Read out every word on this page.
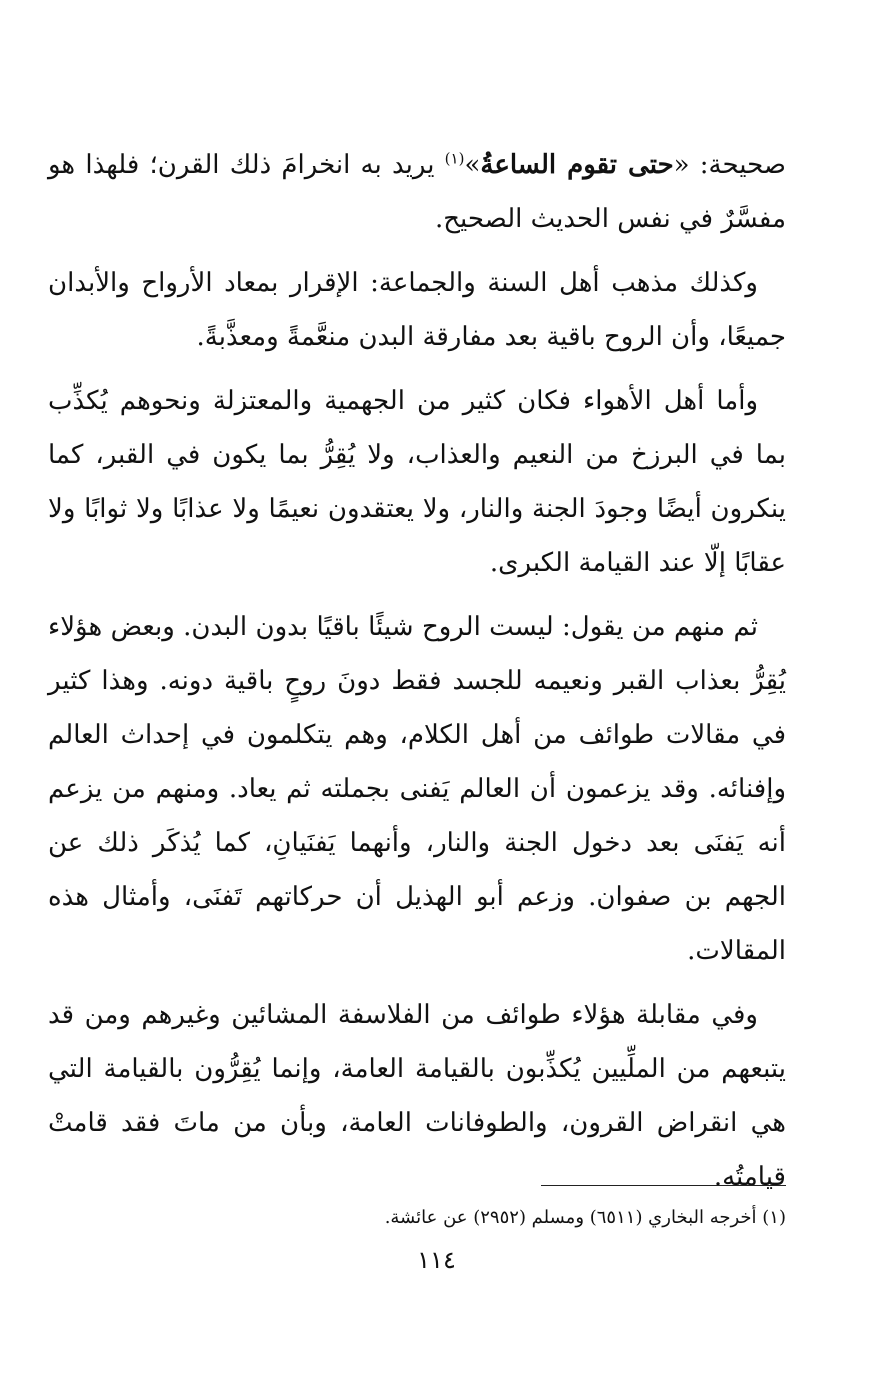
صحيحة: «حتى تقوم الساعةُ»$^{(١)}$ يريد به انخرامَ ذلك القرن؛ فلهذا هو مفسَّرٌ في نفس الحديث الصحيح.

وكذلك مذهب أهل السنة والجماعة: الإقرار بمعاد الأرواح والأبدان جميعًا، وأن الروح باقية بعد مفارقة البدن منعَّمةً ومعذَّبةً.

وأما أهل الأهواء فكان كثير من الجهمية والمعتزلة ونحوهم يُكذِّب بما في البرزخ من النعيم والعذاب، ولا يُقِرُّ بما يكون في القبر، كما ينكرون أيضًا وجودَ الجنة والنار، ولا يعتقدون نعيمًا ولا عذابًا ولا ثوابًا ولا عقابًا إلّا عند القيامة الكبرى.

ثم منهم من يقول: ليست الروح شيئًا باقيًا بدون البدن. وبعض هؤلاء يُقِرُّ بعذاب القبر ونعيمه للجسد فقط دونَ روحٍ باقية دونه. وهذا كثير في مقالات طوائف من أهل الكلام، وهم يتكلمون في إحداث العالم وإفنائه. وقد يزعمون أن العالم يَفنى بجملته ثم يعاد. ومنهم من يزعم أنه يَفنَى بعد دخول الجنة والنار، وأنهما يَفنَيانِ، كما يُذكَر ذلك عن الجهم بن صفوان. وزعم أبو الهذيل أن حركاتهم تَفنَى، وأمثال هذه المقالات.

وفي مقابلة هؤلاء طوائف من الفلاسفة المشائين وغيرهم ومن قد يتبعهم من الملِّيين يُكذِّبون بالقيامة العامة، وإنما يُقِرُّون بالقيامة التي هي انقراض القرون، والطوفانات العامة، وبأن من ماتَ فقد قامتْ قيامتُه.

(١) أخرجه البخاري (٦٥١١) ومسلم (٢٩٥٢) عن عائشة.
١١٤
